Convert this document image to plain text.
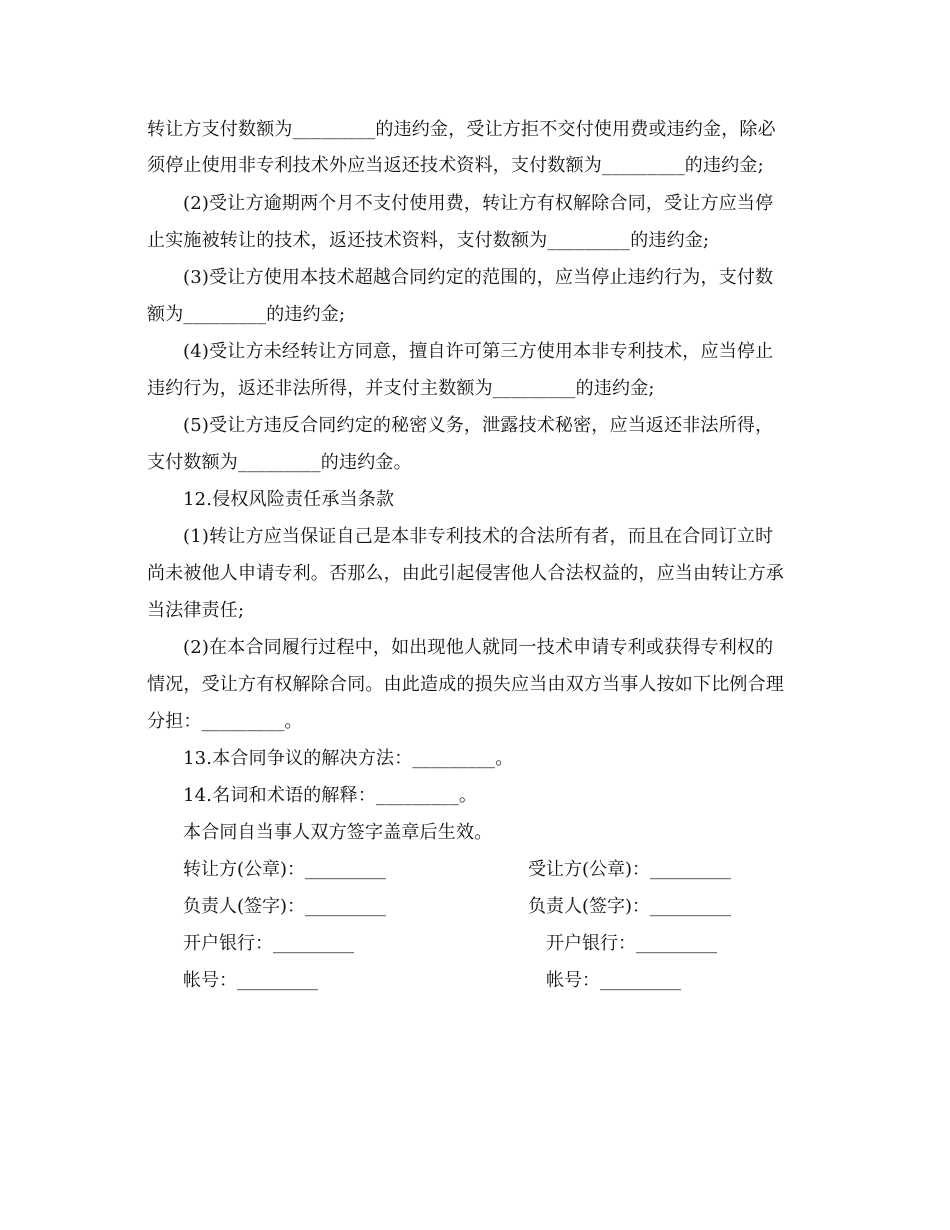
转让方支付数额为_________的违约金，受让方拒不交付使用费或违约金，除必
须停止使用非专利技术外应当返还技术资料，支付数额为_________的违约金;
(2)受让方逾期两个月不支付使用费，转让方有权解除合同，受让方应当停
止实施被转让的技术，返还技术资料，支付数额为_________的违约金;
(3)受让方使用本技术超越合同约定的范围的，应当停止违约行为，支付数
额为_________的违约金;
(4)受让方未经转让方同意，擅自许可第三方使用本非专利技术，应当停止
违约行为，返还非法所得，并支付主数额为_________的违约金;
(5)受让方违反合同约定的秘密义务，泄露技术秘密，应当返还非法所得，
支付数额为_________的违约金。
12.侵权风险责任承当条款
(1)转让方应当保证自己是本非专利技术的合法所有者，而且在合同订立时
尚未被他人申请专利。否那么，由此引起侵害他人合法权益的，应当由转让方承
当法律责任;
(2)在本合同履行过程中，如出现他人就同一技术申请专利或获得专利权的
情况，受让方有权解除合同。由此造成的损失应当由双方当事人按如下比例合理
分担：_________。
13.本合同争议的解决方法：_________。
14.名词和术语的解释：_________。
本合同自当事人双方签字盖章后生效。
转让方(公章)：_________
负责人(签字)：_________
开户银行：_________
帐号：_________
受让方(公章)：_________
负责人(签字)：_________
开户银行：_________
帐号：_________
